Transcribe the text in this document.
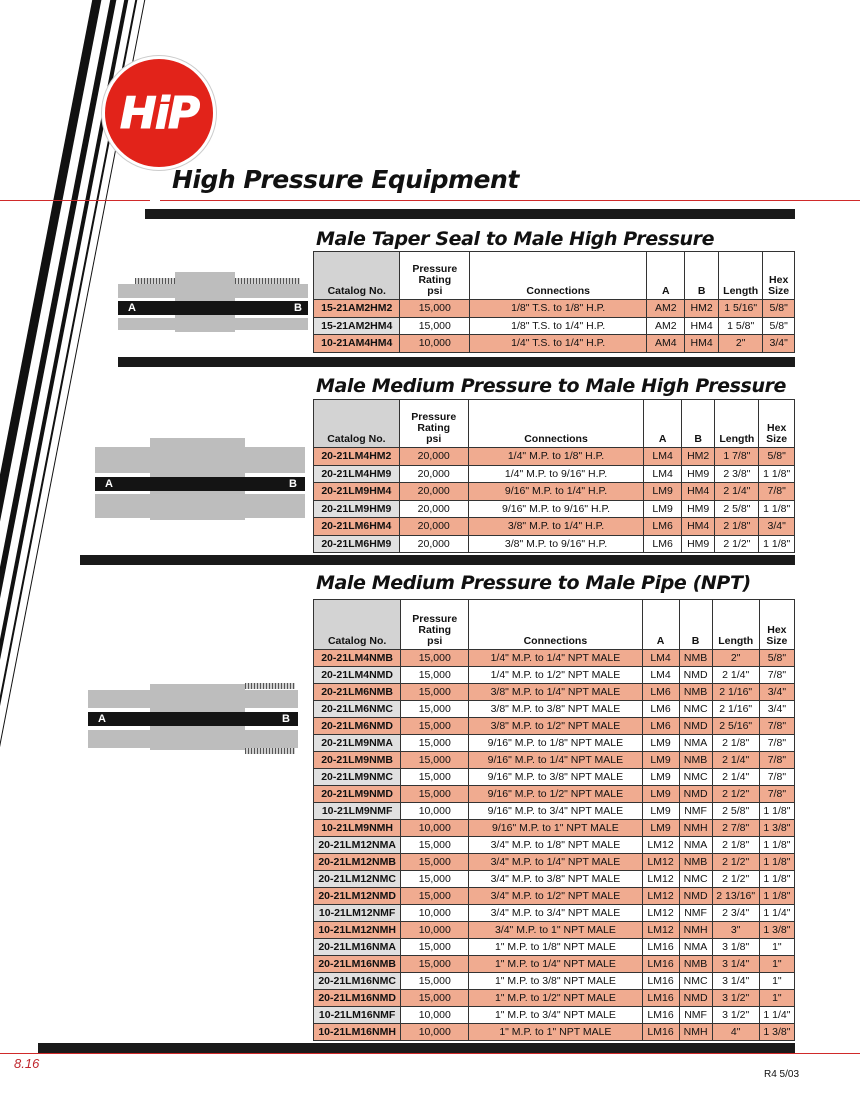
HiP
High Pressure Equipment
Male Taper Seal to Male High Pressure
A	B
Catalog No.	Pressure
Rating
psi	Connections	A	B	Length	Hex
Size
15-21AM2HM2	15,000	1/8" T.S. to 1/8" H.P.	AM2	HM2	1 5/16"	5/8"
15-21AM2HM4	15,000	1/8" T.S. to 1/4" H.P.	AM2	HM4	1 5/8"	5/8"
10-21AM4HM4	10,000	1/4" T.S. to 1/4" H.P.	AM4	HM4	2"	3/4"
Male Medium Pressure to Male High Pressure
A	B
Catalog No.	Pressure
Rating
psi	Connections	A	B	Length	Hex
Size
20-21LM4HM2	20,000	1/4" M.P. to 1/8" H.P.	LM4	HM2	1 7/8"	5/8"
20-21LM4HM9	20,000	1/4" M.P. to 9/16" H.P.	LM4	HM9	2 3/8"	1 1/8"
20-21LM9HM4	20,000	9/16" M.P. to 1/4" H.P.	LM9	HM4	2 1/4"	7/8"
20-21LM9HM9	20,000	9/16" M.P. to 9/16" H.P.	LM9	HM9	2 5/8"	1 1/8"
20-21LM6HM4	20,000	3/8" M.P. to 1/4" H.P.	LM6	HM4	2 1/8"	3/4"
20-21LM6HM9	20,000	3/8" M.P. to 9/16" H.P.	LM6	HM9	2 1/2"	1 1/8"
Male Medium Pressure to Male Pipe (NPT)
A	B
Catalog No.	Pressure
Rating
psi	Connections	A	B	Length	Hex
Size
20-21LM4NMB	15,000	1/4" M.P. to 1/4" NPT MALE	LM4	NMB	2"	5/8"
20-21LM4NMD	15,000	1/4" M.P. to 1/2" NPT MALE	LM4	NMD	2 1/4"	7/8"
20-21LM6NMB	15,000	3/8" M.P. to 1/4" NPT MALE	LM6	NMB	2 1/16"	3/4"
20-21LM6NMC	15,000	3/8" M.P. to 3/8" NPT MALE	LM6	NMC	2 1/16"	3/4"
20-21LM6NMD	15,000	3/8" M.P. to 1/2" NPT MALE	LM6	NMD	2 5/16"	7/8"
20-21LM9NMA	15,000	9/16" M.P. to 1/8" NPT MALE	LM9	NMA	2 1/8"	7/8"
20-21LM9NMB	15,000	9/16" M.P. to 1/4" NPT MALE	LM9	NMB	2 1/4"	7/8"
20-21LM9NMC	15,000	9/16" M.P. to 3/8" NPT MALE	LM9	NMC	2 1/4"	7/8"
20-21LM9NMD	15,000	9/16" M.P. to 1/2" NPT MALE	LM9	NMD	2 1/2"	7/8"
10-21LM9NMF	10,000	9/16" M.P. to 3/4" NPT MALE	LM9	NMF	2 5/8"	1 1/8"
10-21LM9NMH	10,000	9/16" M.P. to 1" NPT MALE	LM9	NMH	2 7/8"	1 3/8"
20-21LM12NMA	15,000	3/4" M.P. to 1/8" NPT MALE	LM12	NMA	2 1/8"	1 1/8"
20-21LM12NMB	15,000	3/4" M.P. to 1/4" NPT MALE	LM12	NMB	2 1/2"	1 1/8"
20-21LM12NMC	15,000	3/4" M.P. to 3/8" NPT MALE	LM12	NMC	2 1/2"	1 1/8"
20-21LM12NMD	15,000	3/4" M.P. to 1/2" NPT MALE	LM12	NMD	2 13/16"	1 1/8"
10-21LM12NMF	10,000	3/4" M.P. to 3/4" NPT MALE	LM12	NMF	2 3/4"	1 1/4"
10-21LM12NMH	10,000	3/4" M.P. to 1" NPT MALE	LM12	NMH	3"	1 3/8"
20-21LM16NMA	15,000	1" M.P. to 1/8" NPT MALE	LM16	NMA	3 1/8"	1"
20-21LM16NMB	15,000	1" M.P. to 1/4" NPT MALE	LM16	NMB	3 1/4"	1"
20-21LM16NMC	15,000	1" M.P. to 3/8" NPT MALE	LM16	NMC	3 1/4"	1"
20-21LM16NMD	15,000	1" M.P. to 1/2" NPT MALE	LM16	NMD	3 1/2"	1"
10-21LM16NMF	10,000	1" M.P. to 3/4" NPT MALE	LM16	NMF	3 1/2"	1 1/4"
10-21LM16NMH	10,000	1" M.P. to 1" NPT MALE	LM16	NMH	4"	1 3/8"
8.16
R4 5/03
